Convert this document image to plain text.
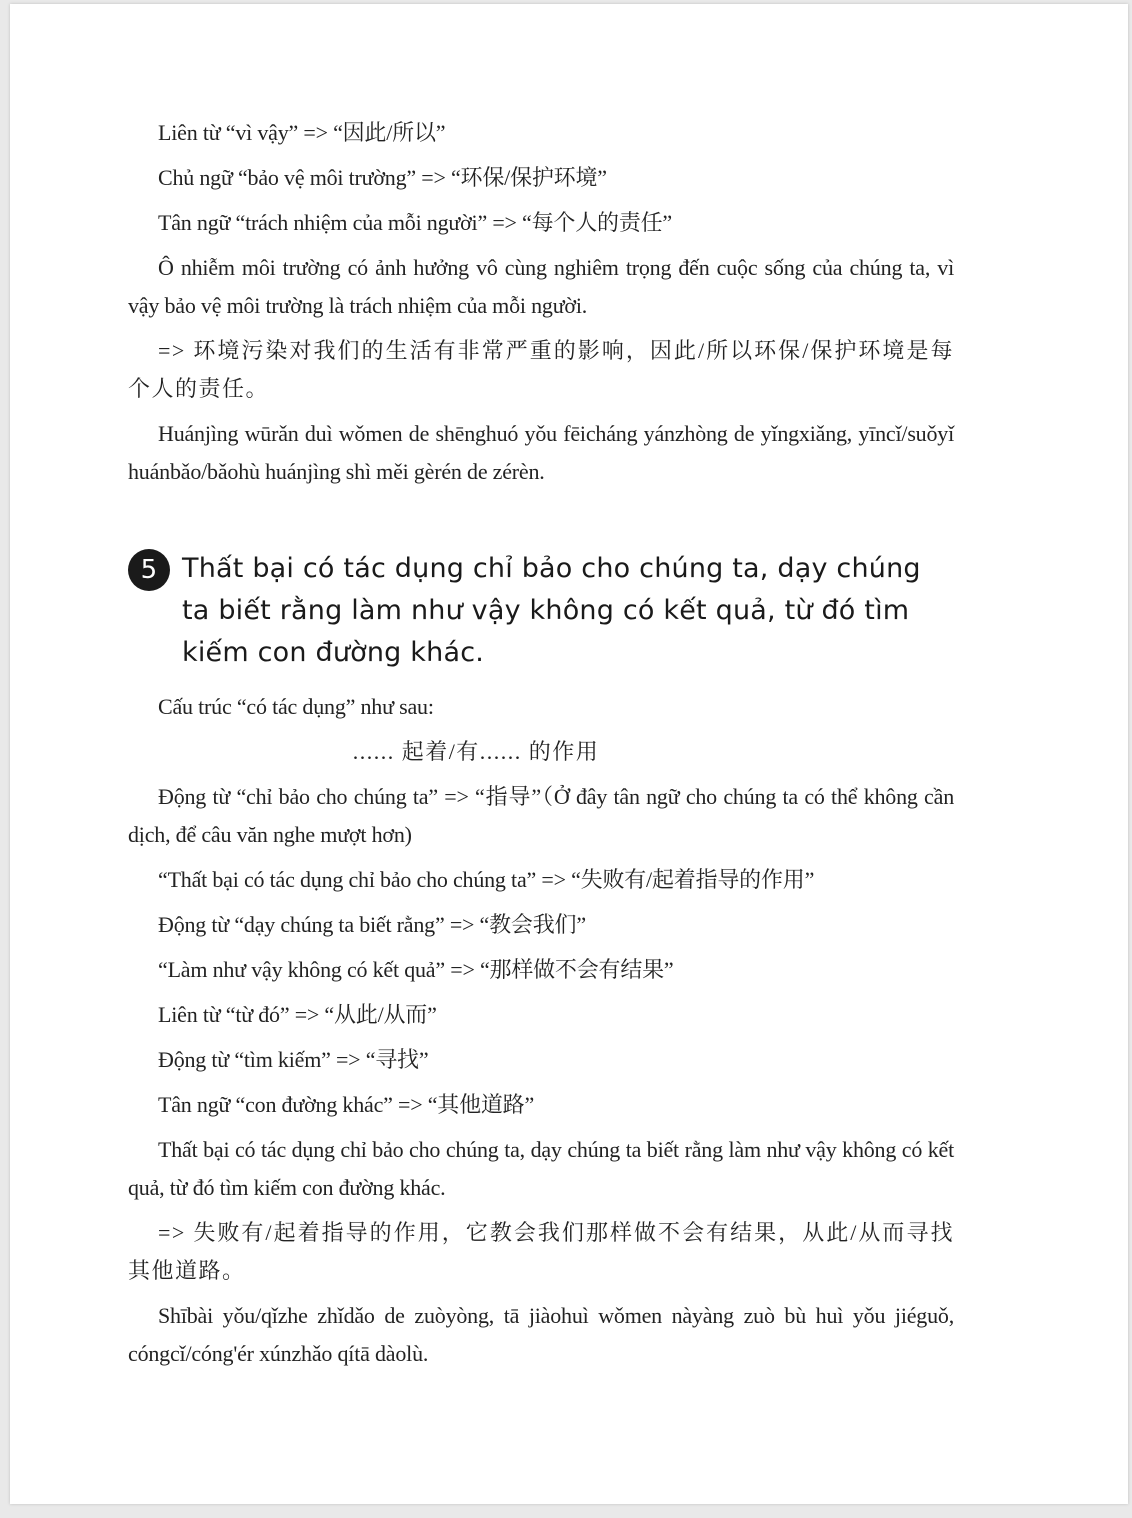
Liên từ “vì vậy” => “因此/所以”

Chủ ngữ “bảo vệ môi trường” => “环保/保护环境”

Tân ngữ “trách nhiệm của mỗi người” => “每个人的责任”

Ô nhiễm môi trường có ảnh hưởng vô cùng nghiêm trọng đến cuộc sống của chúng ta, vì vậy bảo vệ môi trường là trách nhiệm của mỗi người.

=> 环境污染对我们的生活有非常严重的影响，因此/所以环保/保护环境是每个人的责任。

Huánjìng wūrǎn duì wǒmen de shēnghuó yǒu fēicháng yánzhòng de yǐngxiǎng, yīncǐ/suǒyǐ huánbǎo/bǎohù huánjìng shì měi gèrén de zérèn.

5 Thất bại có tác dụng chỉ bảo cho chúng ta, dạy chúng ta biết rằng làm như vậy không có kết quả, từ đó tìm kiếm con đường khác.

Cấu trúc “có tác dụng” như sau:

...... 起着/有...... 的作用

Động từ “chỉ bảo cho chúng ta” => “指导”（Ở đây tân ngữ cho chúng ta có thể không cần dịch, để câu văn nghe mượt hơn)

“Thất bại có tác dụng chỉ bảo cho chúng ta” => “失败有/起着指导的作用”

Động từ “dạy chúng ta biết rằng” => “教会我们”

“Làm như vậy không có kết quả” => “那样做不会有结果”

Liên từ “từ đó” => “从此/从而”

Động từ “tìm kiếm” => “寻找”

Tân ngữ “con đường khác” => “其他道路”

Thất bại có tác dụng chỉ bảo cho chúng ta, dạy chúng ta biết rằng làm như vậy không có kết quả, từ đó tìm kiếm con đường khác.

=> 失败有/起着指导的作用，它教会我们那样做不会有结果，从此/从而寻找其他道路。

Shībài yǒu/qǐzhe zhǐdǎo de zuòyòng, tā jiàohuì wǒmen nàyàng zuò bù huì yǒu jiéguǒ, cóngcǐ/cóng'ér xúnzhǎo qítā dàolù.
